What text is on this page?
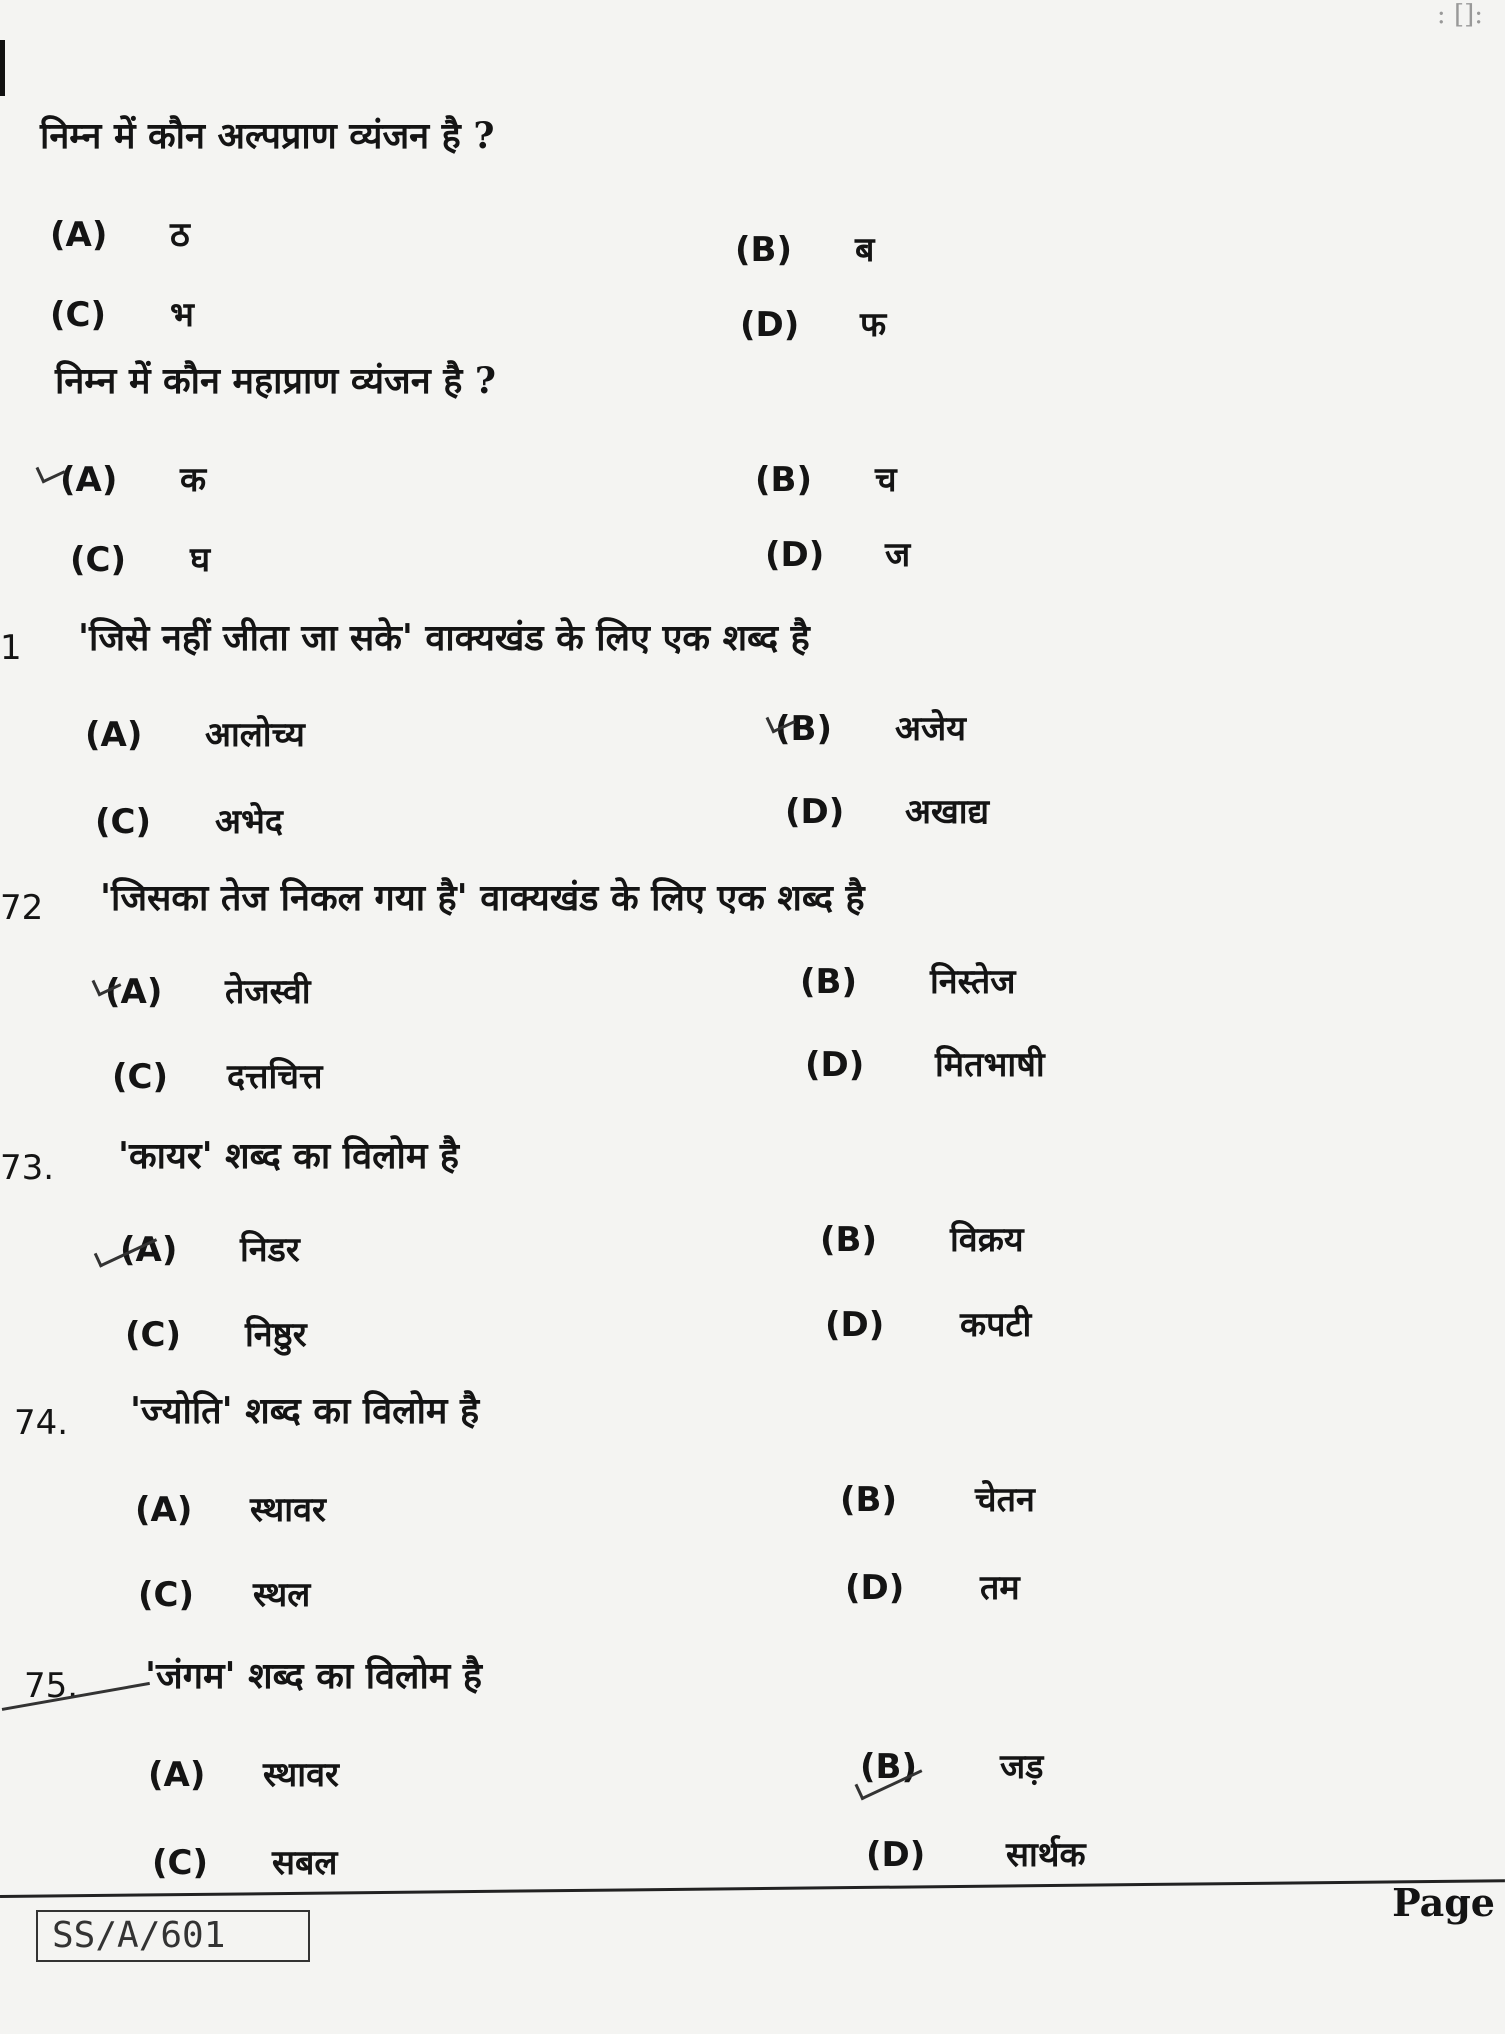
: []:
निम्न में कौन अल्पप्राण व्यंजन है ?
(A) ठ	(B) ब
(C) भ	(D) फ
निम्न में कौन महाप्राण व्यंजन है ?
(A) क	(B) च
(C) घ	(D) ज
1 'जिसे नहीं जीता जा सके' वाक्यखंड के लिए एक शब्द है
(A) आलोच्य	(B) अजेय
(C) अभेद	(D) अखाद्य
72 'जिसका तेज निकल गया है' वाक्यखंड के लिए एक शब्द है
(A) तेजस्वी	(B) निस्तेज
(C) दत्तचित्त	(D) मितभाषी
73. 'कायर' शब्द का विलोम है
(A) निडर	(B) विक्रय
(C) निष्ठुर	(D) कपटी
74. 'ज्योति' शब्द का विलोम है
(A) स्थावर	(B) चेतन
(C) स्थल	(D) तम
75. 'जंगम' शब्द का विलोम है
(A) स्थावर	(B) जड़
(C) सबल	(D) सार्थक
SS/A/601
Page
